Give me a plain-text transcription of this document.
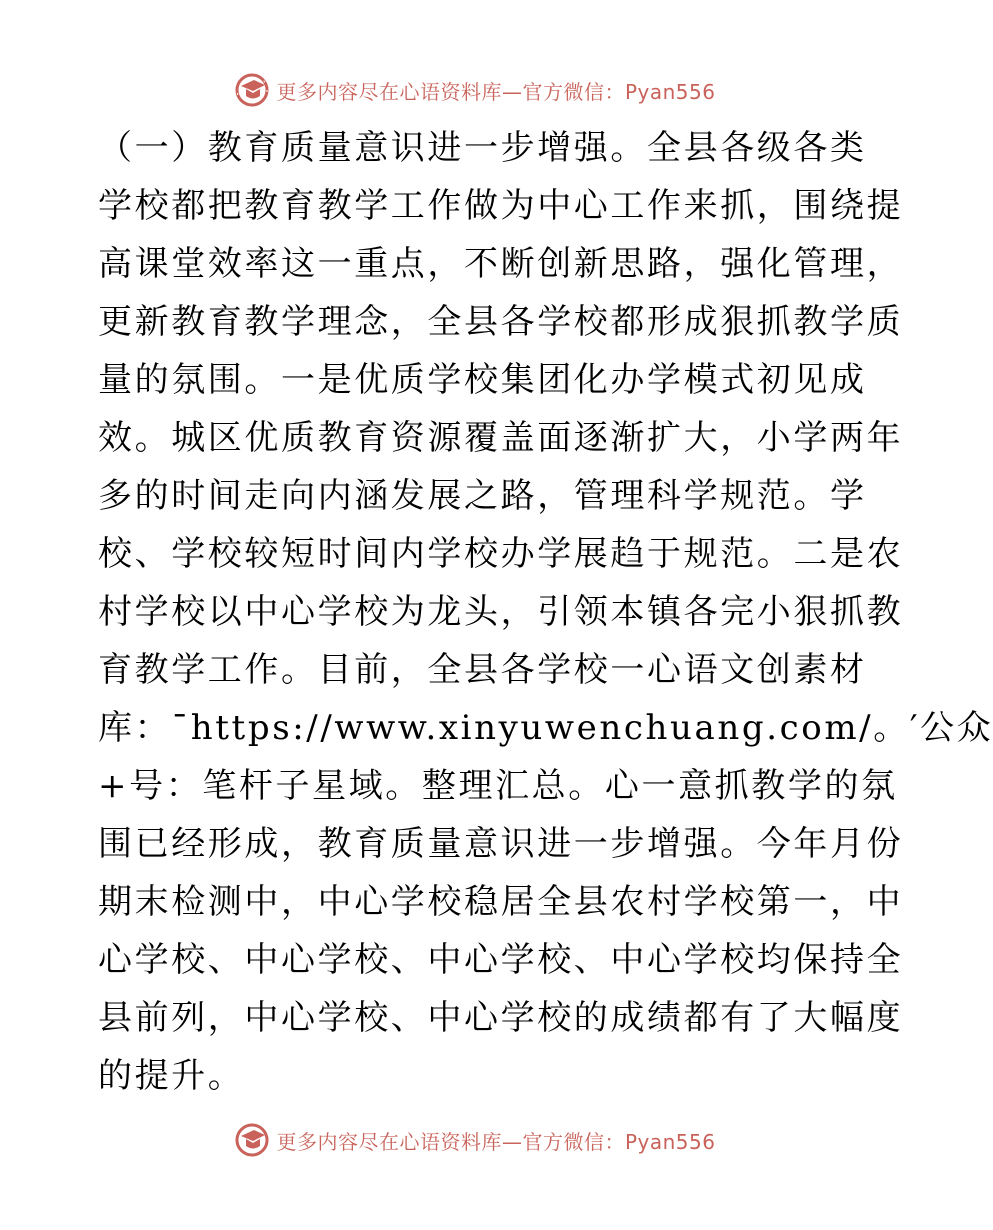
更多内容尽在心语资料库—官方微信：Pyan556
（一）教育质量意识进一步增强。全县各级各类
学校都把教育教学工作做为中心工作来抓，围绕提
高课堂效率这一重点，不断创新思路，强化管理，
更新教育教学理念，全县各学校都形成狠抓教学质
量的氛围。一是优质学校集团化办学模式初见成
效。城区优质教育资源覆盖面逐渐扩大，小学两年
多的时间走向内涵发展之路，管理科学规范。学
校、学校较短时间内学校办学展趋于规范。二是农
村学校以中心学校为龙头，引领本镇各完小狠抓教
育教学工作。目前，全县各学校一心语文创素材
库：¯https://www.xinyuwenchuang.com/。′公众
+号：笔杆子星域。整理汇总。心一意抓教学的氛
围已经形成，教育质量意识进一步增强。今年月份
期末检测中，中心学校稳居全县农村学校第一，中
心学校、中心学校、中心学校、中心学校均保持全
县前列，中心学校、中心学校的成绩都有了大幅度
的提升。
更多内容尽在心语资料库—官方微信：Pyan556
